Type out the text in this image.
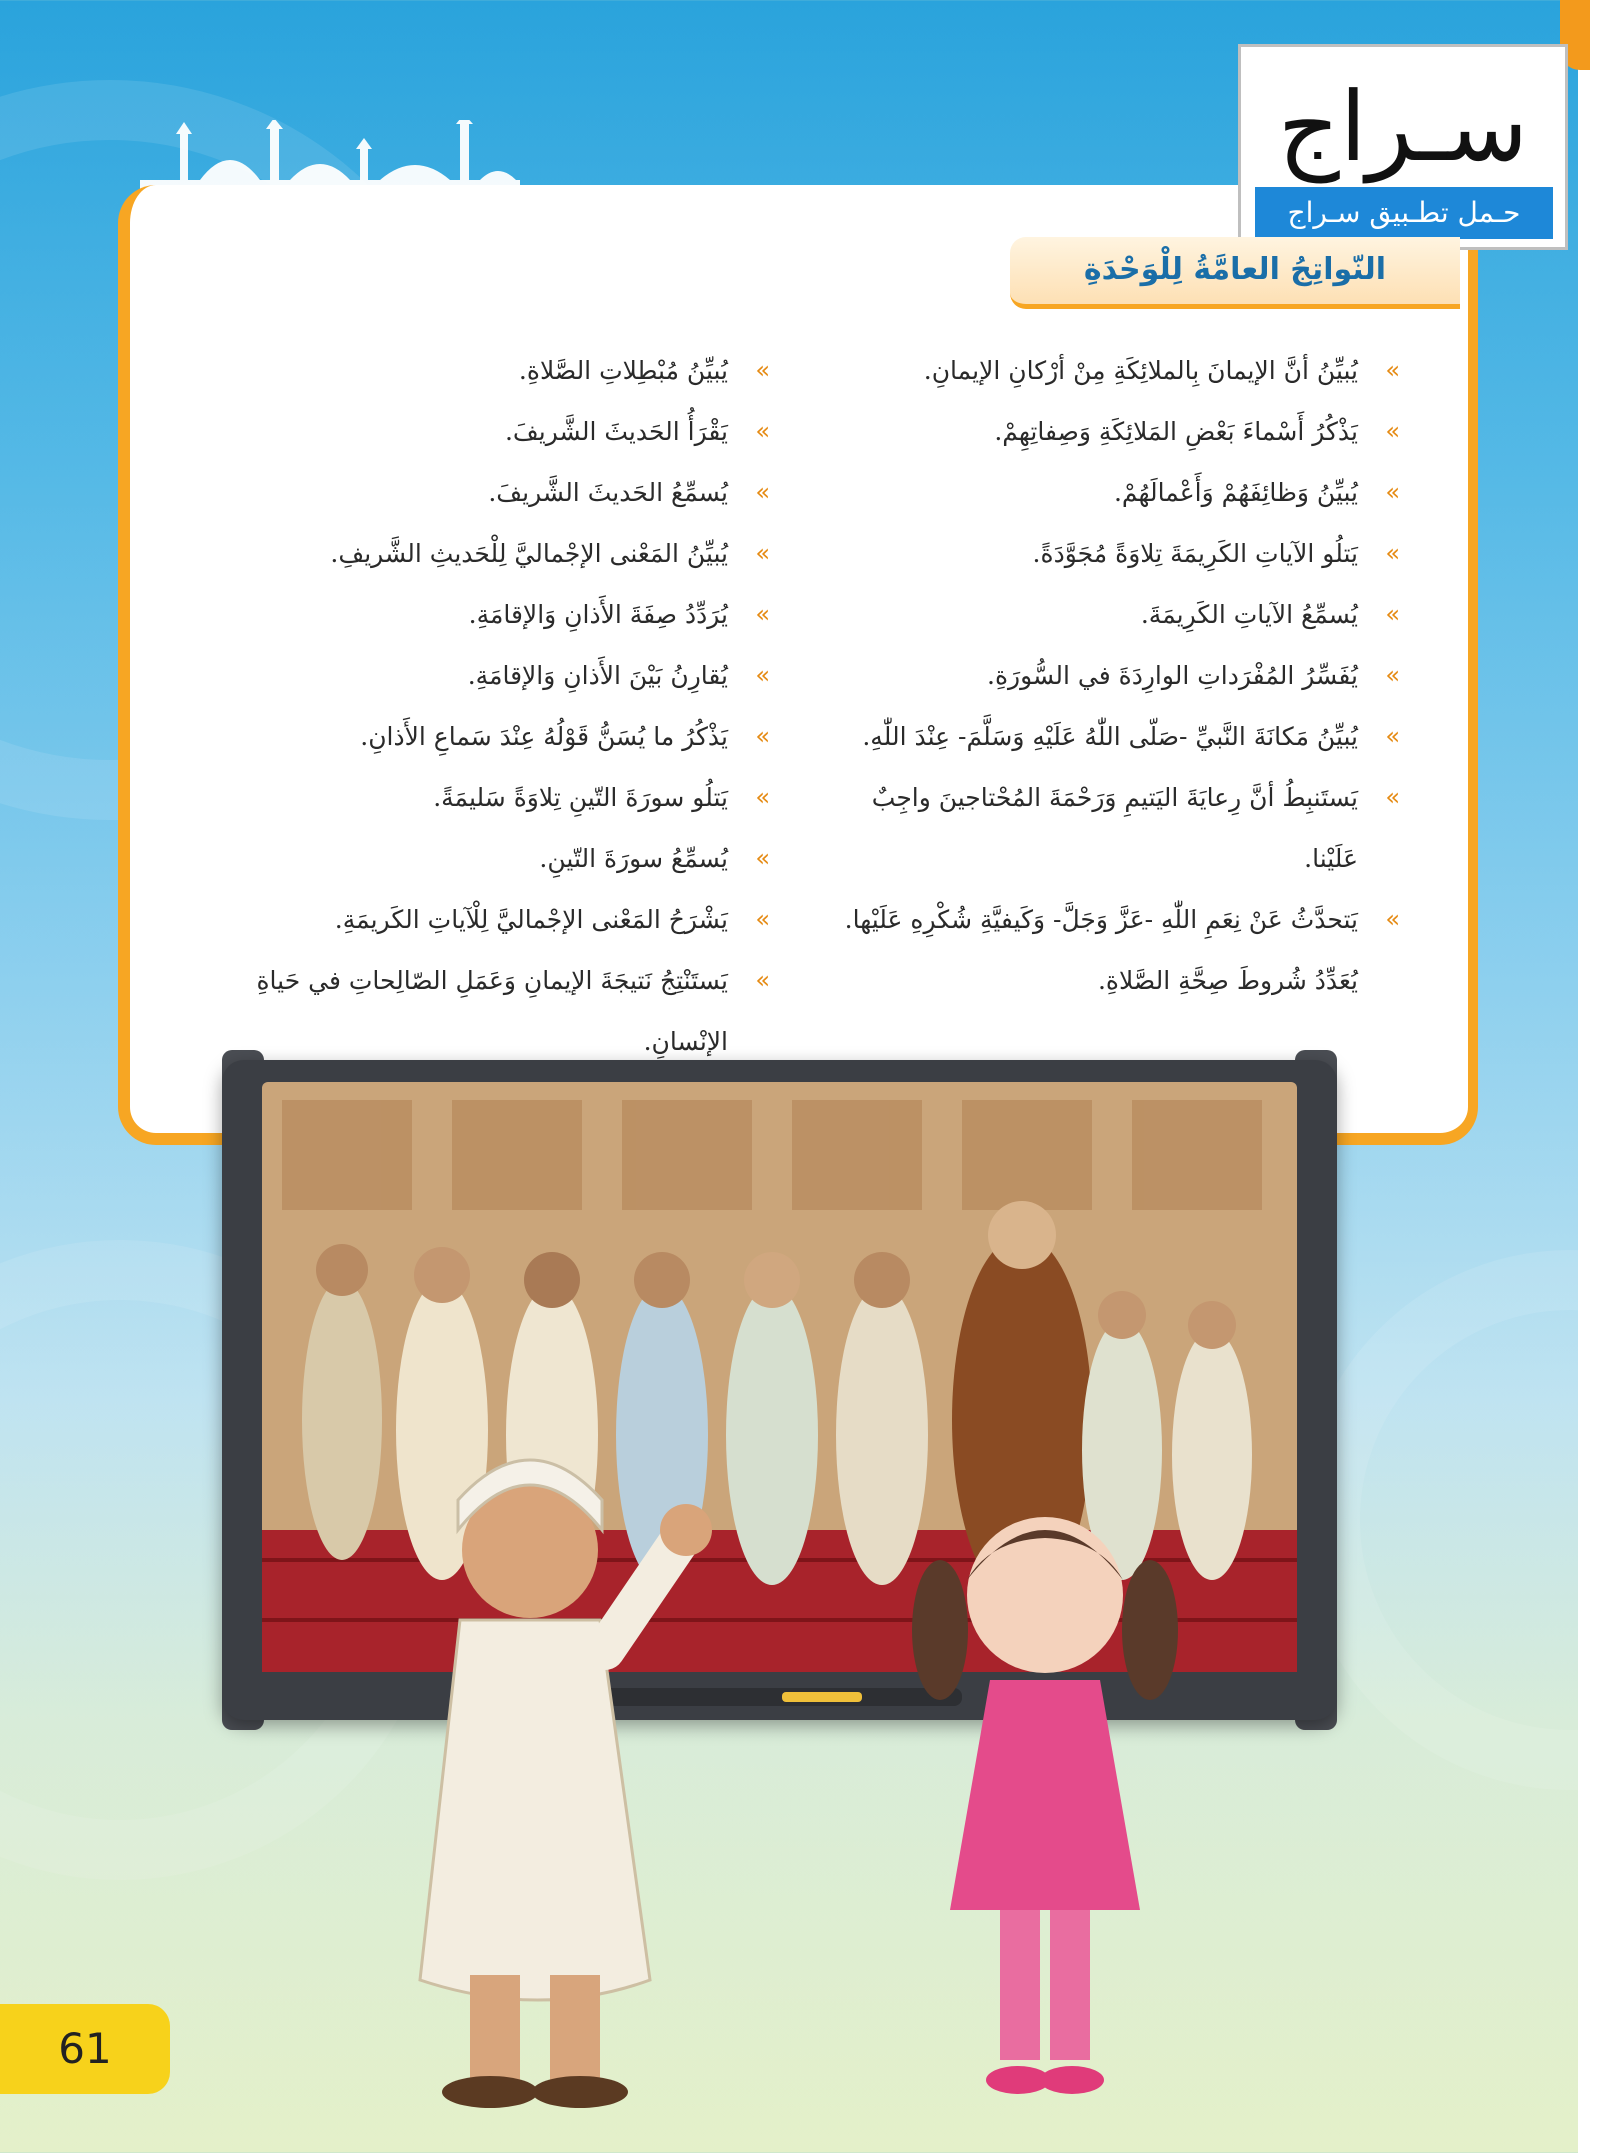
سـراج
حـمل تطـبيق سـراج
النّواتِجُ العامَّةُ لِلْوَحْدَةِ
»
يُبيِّنُ أنَّ الإيمانَ بِالملائِكَةِ مِنْ أرْكانِ الإيمانِ.
»
يَذْكُرُ أَسْماءَ بَعْضِ المَلائِكَةِ وَصِفاتِهِمْ.
»
يُبيِّنُ وَظائِفَهُمْ وَأَعْمالَهُمْ.
»
يَتلُو الآياتِ الكَرِيمَةَ تِلاوَةً مُجَوَّدَةً.
»
يُسمِّعُ الآياتِ الكَرِيمَةَ.
»
يُفَسِّرُ المُفْرَداتِ الوارِدَةَ في السُّورَةِ.
»
يُبيِّنُ مَكانَةَ النَّبيِّ -صَلّى اللّٰهُ عَلَيْهِ وَسَلَّمَ- عِنْدَ اللّٰهِ.
»
يَستَنبِطُ أنَّ رِعايَةَ اليَتيمِ وَرَحْمَةَ المُحْتاجينَ واجِبٌ عَلَيْنا.
»
يَتحدَّثُ عَنْ نِعَمِ اللّٰهِ -عَزَّ وَجَلَّ- وَكَيفيَّةِ شُكْرِهِ عَلَيْها. يُعَدِّدُ شُروطَ صِحَّةِ الصَّلاةِ.
»
يُبيِّنُ مُبْطِلاتِ الصَّلاةِ.
»
يَقْرَأُ الحَديثَ الشَّريفَ.
»
يُسمِّعُ الحَديثَ الشَّريفَ.
»
يُبيِّنُ المَعْنى الإجْماليَّ لِلْحَديثِ الشَّريفِ.
»
يُرَدِّدُ صِفَةَ الأَذانِ وَالإقامَةِ.
»
يُقارِنُ بَيْنَ الأَذانِ وَالإقامَةِ.
»
يَذْكُرُ ما يُسَنُّ قَوْلُهُ عِنْدَ سَماعِ الأَذانِ.
»
يَتلُو سورَةَ التّينِ تِلاوَةً سَليمَةً.
»
يُسمِّعُ سورَةَ التّينِ.
»
يَشْرَحُ المَعْنى الإجْماليَّ لِلْآياتِ الكَريمَةِ.
»
يَستَنْتِجُ نَتيجَةَ الإيمانِ وَعَمَلِ الصّالِحاتِ في حَياةِ الإنْسانِ.
61
